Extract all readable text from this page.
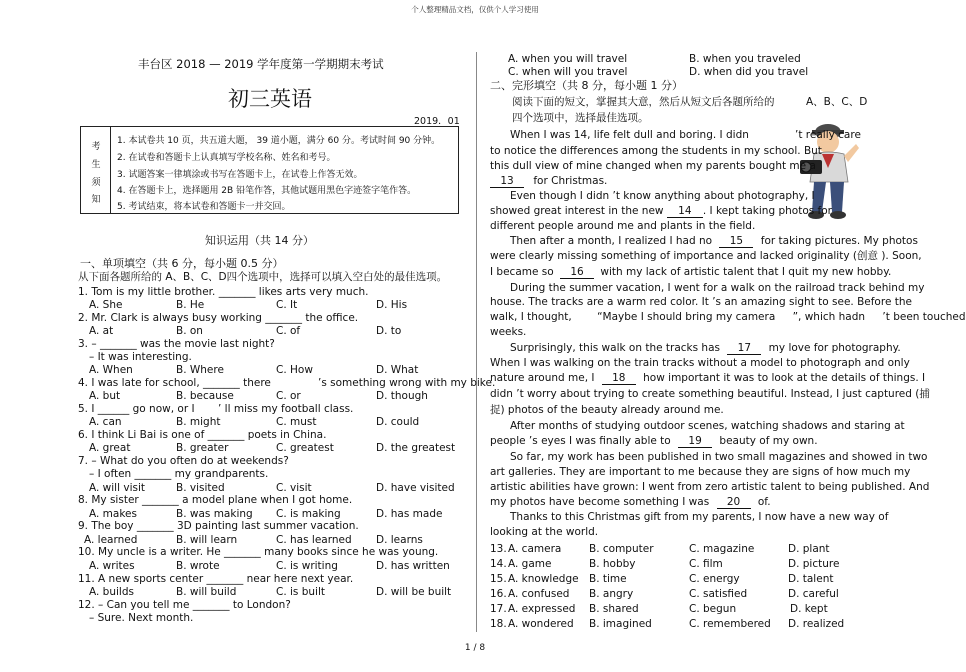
个人整理精品文档，仅供个人学习使用
丰台区 2018 — 2019 学年度第一学期期末考试
初三英语
2019．01
考
生
须
知
1. 本试卷共 10 页，共五道大题， 39 道小题，满分 60 分。考试时间 90 分钟。
2. 在试卷和答题卡上认真填写学校名称、姓名和考号。
3. 试题答案一律填涂或书写在答题卡上，在试卷上作答无效。
4. 在答题卡上，选择题用 2B 铅笔作答，其他试题用黑色字迹签字笔作答。
5. 考试结束，将本试卷和答题卡一并交回。
知识运用（共 14 分）
一、单项填空（共 6 分，每小题 0.5 分）
从下面各题所给的 A、B、C、D四个选项中，选择可以填入空白处的最佳选项。
1. Tom is my little brother. _______ likes arts very much.
A. She	B. He	C. It	D. His
2. Mr. Clark is always busy working _______ the office.
A. at	B. on	C. of	D. to
3. – _______ was the movie last night?
– It was interesting.
A. When	B. Where	C. How	D. What
4. I was late for school, _______ there	’s something wrong with my bike.
A. but	B. because	C. or	D. though
5. I ______ go now, or I ’ ll miss my football class.
A. can	B. might	C. must	D. could
6. I think Li Bai is one of _______ poets in China.
A. great	B. greater	C. greatest	D. the greatest
7. – What do you often do at weekends?
– I often _______ my grandparents.
A. will visit	B. visited	C. visit	D. have visited
8. My sister _______ a model plane when I got home.
A. makes	B. was making C. is making	D. has made
9. The boy _______ 3D painting last summer vacation.
A. learned	B. will learn	C. has learned D. learns
10. My uncle is a writer. He _______ many books since he was young.
A. writes	B. wrote	C. is writing	D. has written
11. A new sports center _______ near here next year.
A. builds	B. will build	C. is built	D. will be built
12. – Can you tell me _______ to London?
– Sure. Next month.
A. when you will travel	B. when you traveled
C. when will you travel	D. when did you travel
二、完形填空（共 8 分，每小题 1 分）
阅读下面的短文，掌握其大意，然后从短文后各题所给的	A、B、C、D
四个选项中，选择最佳选项。
When I was 14, life felt dull and boring. I didn	’t really care
to notice the differences among the students in my school. But
this dull view of mine changed when my parents bought me a
13 for Christmas.
Even though I didn ’t know anything about photography, I
showed great interest in the new 14 . I kept taking photos for
different people around me and plants in the field.
Then after a month, I realized I had no 15 for taking pictures. My photos
were clearly missing something of importance and lacked originality (创意 ). Soon,
I became so 16 with my lack of artistic talent that I quit my new hobby.
During the summer vacation, I went for a walk on the railroad track behind my
house. The tracks are a warm red color. It ’s an amazing sight to see. Before the
walk, I thought, “Maybe I should bring my camera ”, which hadn ’t been touched
weeks.
Surprisingly, this walk on the tracks has 17 my love for photography.
When I was walking on the train tracks without a model to photograph and only
nature around me, I 18 how important it was to look at the details of things. I
didn ’t worry about trying to create something beautiful. Instead, I just captured (捕
捉) photos of the beauty already around me.
After months of studying outdoor scenes, watching shadows and staring at
people ’s eyes I was finally able to 19 beauty of my own.
So far, my work has been published in two small magazines and showed in two
art galleries. They are important to me because they are signs of how much my
artistic abilities have grown: I went from zero artistic talent to being published. And
my photos have become something I was 20 of.
Thanks to this Christmas gift from my parents, I now have a new way of
looking at the world.
13. A. camera	B. computer	C. magazine	D. plant
14. A. game	B. hobby	C. film	D. picture
15. A. knowledge B. time	C. energy	D. talent
16. A. confused B. angry	C. satisfied	D. careful
17. A. expressed B. shared	C. begun	D. kept
18. A. wondered B. imagined	C. remembered D. realized
1 / 8
